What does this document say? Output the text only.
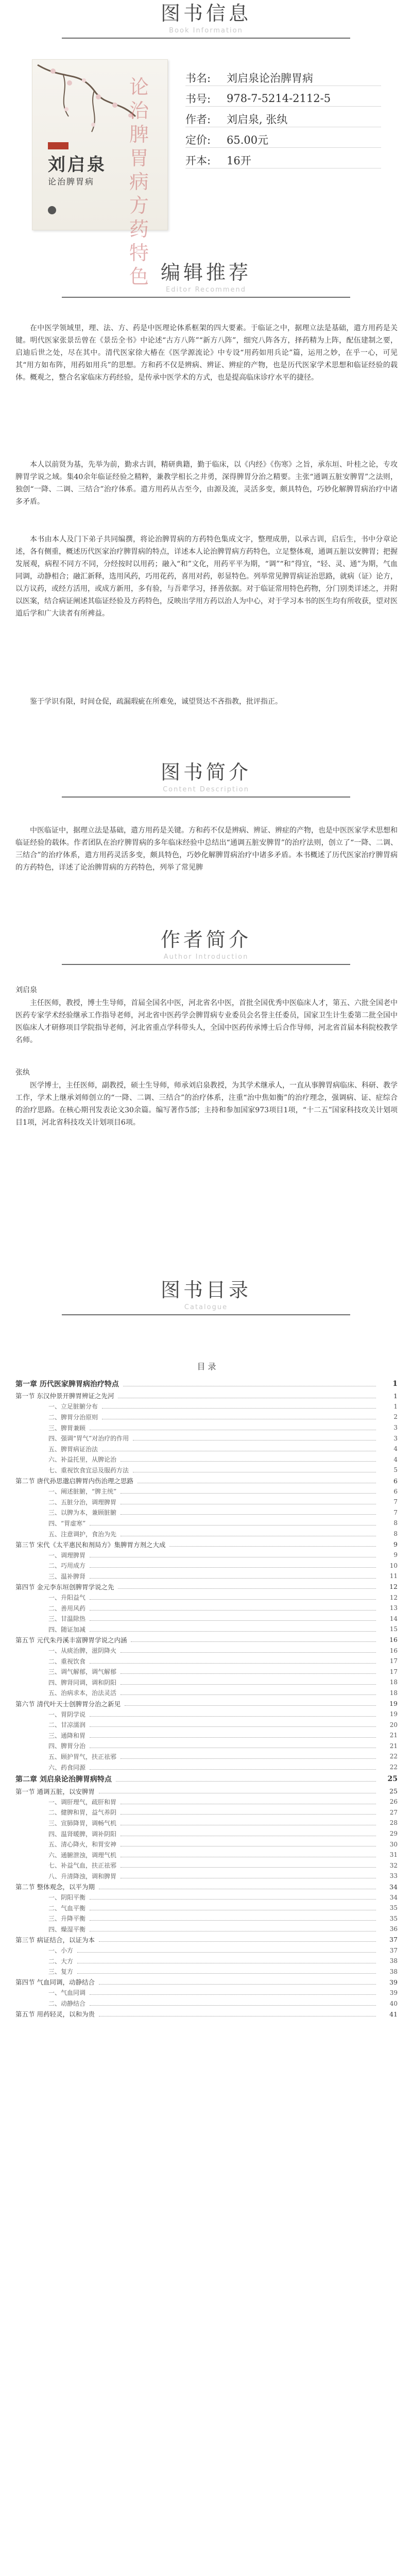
图书信息
Book Information
论治脾胃病方药特色
刘启泉
论治脾胃病
书名:	刘启泉论治脾胃病
书号:	978-7-5214-2112-5
作者:	刘启泉, 张纨
定价:	65.00元
开本:	16开
编辑推荐
Editor Recommend
在中医学领域里，理、法、方、药是中医理论体系框架的四大要素。于临证之中，据理立法是基础，遣方用药是关键。明代医家张景岳曾在《景岳全书》中论述“古方八阵”“新方八阵”，细究八阵各方，择药精为上阵，配伍建制之要，启迪后世之处，尽在其中。清代医家徐大椿在《医学源流论》中专设“用药如用兵论”篇，运用之妙，在乎一心，可见其“用方如布阵，用药如用兵”的思想。方和药不仅是辨病、辨证、辨症的产物，也是历代医家学术思想和临证经验的载体。概观之，整合名家临床方药经验，是传承中医学术的方式，也是提高临床诊疗水平的捷径。
本人以前贤为基，先举为前，勤求古训，精研典籍，勤于临床，以《内经》《伤寒》之旨，承东垣、叶桂之论，专攻脾胃学说之域。集40余年临证经验之精粹，兼教学相长之井勇，深得脾胃分治之精要。主张“通调五脏安脾胃”之法则，独创“一降、二调、三结合”治疗体系。遣方用药从古至今，由源及流，灵活多变，颇具特色，巧妙化解脾胃病治疗中诸多矛盾。
本书由本人及门下弟子共同编撰，将论治脾胃病的方药特色集成文字，整理成册，以承古训，启后生，书中分章论述，各有侧重，概述历代医家治疗脾胃病的特点，详述本人论治脾胃病方药特色，立足整体观，通调五脏以安脾胃；把握发展观，病程不同方不同，分经按时以用药；融入“和”文化，用药平平为期，“调”“和”得宜，“轻、灵、通”为期，气血同调，动静相合；融汇新释，选用风药，巧用花药，喜用对药，彰显特色。列举常见脾胃病证治思路，就病（证）论方，以方议药，或经方活用，或成方新用，多有验，与吾辈学习，择善依据。对于临证常用特色药物，分门别类详述之，并附以医案，结合病证阐述其临证经验及方药特色，反映出学用方药以治人为中心，对于学习本书的医生均有所收获，望对医道后学和广大读者有所裨益。
鉴于学识有限，时间仓促，疏漏瑕疵在所难免，诚望贤达不吝指教，批评指正。
图书简介
Content Description
中医临证中，据理立法是基础，遣方用药是关键。方和药不仅是辨病、辨证、辨症的产物，也是中医医家学术思想和临证经验的载体。作者团队在治疗脾胃病的多年临床经验中总结出“通调五脏安脾胃”的治疗法则，创立了“一降、二调、三结合”的治疗体系，遣方用药灵活多变，颇具特色，巧妙化解脾胃病治疗中诸多矛盾。本书概述了历代医家治疗脾胃病的方药特色，详述了论治脾胃病的方药特色，列举了常见脾
作者简介
Author Introduction
刘启泉
主任医师，教授，博士生导师，首届全国名中医，河北省名中医，首批全国优秀中医临床人才，第五、六批全国老中医药专家学术经验继承工作指导老师，河北省中医药学会脾胃病专业委员会名誉主任委员，国家卫生计生委第二批全国中医临床人才研修项目学院指导老师，河北省重点学科带头人，全国中医药传承博士后合作导师，河北省首届本科院校教学名师。
张纨
医学博士，主任医师，副教授，硕士生导师，师承刘启泉教授，为其学术继承人，一直从事脾胃病临床、科研、教学工作，学术上继承刘师创立的“一降、二调、三结合”的治疗体系，注重“治中焦如衡”的治疗理念，强调病、证、症综合的治疗思路。在核心期刊发表论文30余篇。编写著作5部；主持和参加国家973项目1项，“十二五”国家科技攻关计划项目1项，河北省科技攻关计划项目6项。
图书目录
Catalogue
目 录
第一章 历代医家脾胃病治疗特点	1
第一节 东汉仲景开脾胃辨证之先河	1
一、立足脏腑分布	1
二、脾胃分治原则	2
三、脾胃兼顾	3
四、强调“胃气”对治疗的作用	3
五、脾胃病证治法	4
六、补益托里，从脾论治	4
七、重视饮食宜忌及服药方法	5
第二节 唐代孙思邈启脾胃内伤治理之思路	6
一、阐述脏腑，“脾主统”	6
二、五脏分治，调理脾胃	7
三、以脾为本，兼顾脏腑	7
四、“胃虚寒”	8
五、注意调护，食治为先	8
第三节 宋代《太平惠民和剂局方》集脾胃方剂之大成	9
一、调理脾胃	9
二、巧用成方	10
三、温补脾肾	11
第四节 金元李东垣创脾胃学说之先	12
一、升阳益气	12
二、善用风药	13
三、甘温除热	14
四、随证加减	15
第五节 元代朱丹溪丰富脾胃学说之内涵	16
一、从痰治脾，滋阴降火	16
二、重视饮食	17
三、调气解郁，调气解郁	17
四、脾肾同调，调和阴阳	18
五、治病求本，治法灵活	18
第六节 清代叶天士创脾胃分治之新见	19
一、胃阴学说	19
二、甘凉濡润	20
三、通降和胃	21
四、脾胃分治	21
五、顾护胃气，扶正祛邪	22
六、药食同源	22
第二章 刘启泉论治脾胃病特点	25
第一节 通调五脏，以安脾胃	25
一、调肝理气，疏肝和胃	26
二、健脾和胃，益气养阴	27
三、宣肺降胃，调畅气机	28
四、温肾暖脾，调补阴阳	29
五、清心降火，和胃安神	30
六、通腑泄浊，调理气机	31
七、补益气血，扶正祛邪	32
八、升清降浊，调和脾胃	33
第二节 整体观念，以平为期	34
一、阴阳平衡	34
二、气血平衡	35
三、升降平衡	35
四、燥湿平衡	36
第三节 病证结合，以证为本	37
一、小方	37
二、大方	38
三、复方	38
第四节 气血同调，动静结合	39
一、气血同调	39
二、动静结合	40
第五节 用药轻灵，以和为贵	41
